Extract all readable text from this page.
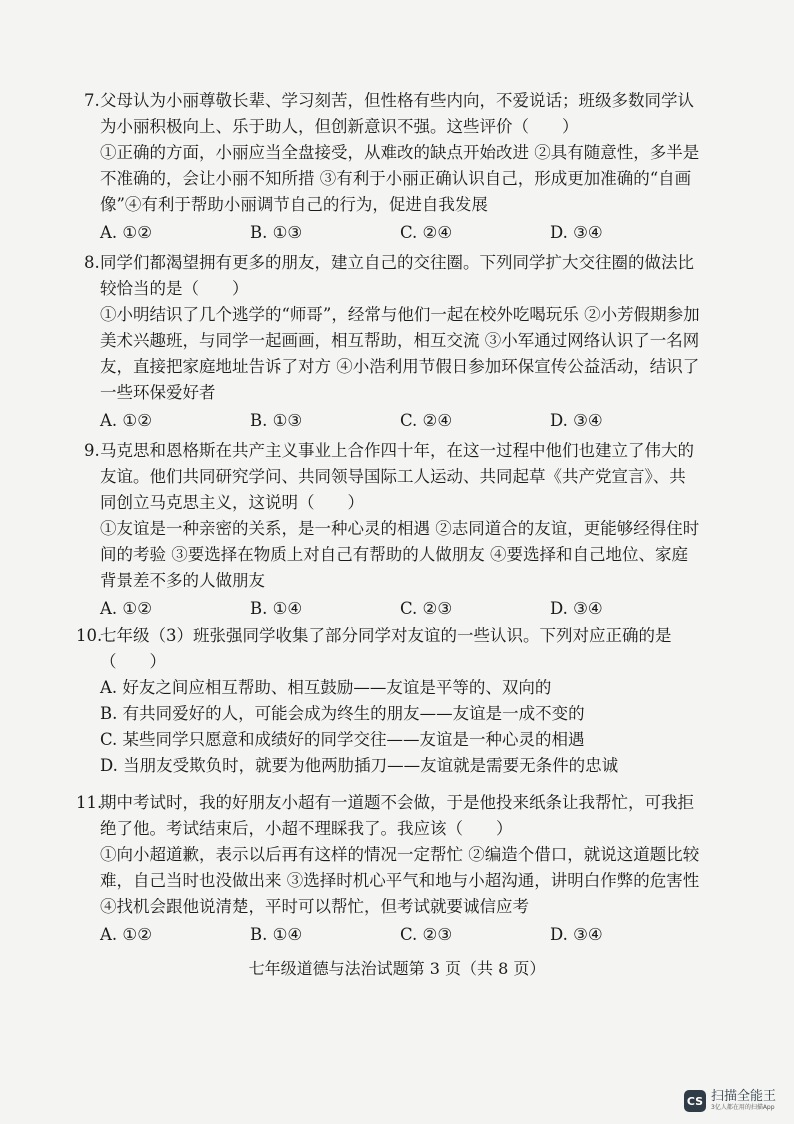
7. 父母认为小丽尊敬长辈、学习刻苦，但性格有些内向，不爱说话；班级多数同学认为小丽积极向上、乐于助人，但创新意识不强。这些评价（　　）

①正确的方面，小丽应当全盘接受，从难改的缺点开始改进 ②具有随意性，多半是不准确的，会让小丽不知所措 ③有利于小丽正确认识自己，形成更加准确的“自画像”④有利于帮助小丽调节自己的行为，促进自我发展

A. ①②	B. ①③	C. ②④	D. ③④
8. 同学们都渴望拥有更多的朋友，建立自己的交往圈。下列同学扩大交往圈的做法比较恰当的是（　　）

①小明结识了几个逃学的“师哥”，经常与他们一起在校外吃喝玩乐 ②小芳假期参加美术兴趣班，与同学一起画画，相互帮助，相互交流 ③小军通过网络认识了一名网友，直接把家庭地址告诉了对方 ④小浩利用节假日参加环保宣传公益活动，结识了一些环保爱好者

A. ①②	B. ①③	C. ②④	D. ③④
9. 马克思和恩格斯在共产主义事业上合作四十年，在这一过程中他们也建立了伟大的友谊。他们共同研究学问、共同领导国际工人运动、共同起草《共产党宣言》、共同创立马克思主义，这说明（　　）

①友谊是一种亲密的关系，是一种心灵的相遇 ②志同道合的友谊，更能够经得住时间的考验 ③要选择在物质上对自己有帮助的人做朋友 ④要选择和自己地位、家庭背景差不多的人做朋友

A. ①②	B. ①④	C. ②③	D. ③④
10.

七年级（3）班张强同学收集了部分同学对友谊的一些认识。下列对应正确的是（　　）

A. 好友之间应相互帮助、相互鼓励——友谊是平等的、双向的

B. 有共同爱好的人，可能会成为终生的朋友——友谊是一成不变的

C. 某些同学只愿意和成绩好的同学交往——友谊是一种心灵的相遇

D. 当朋友受欺负时，就要为他两肋插刀——友谊就是需要无条件的忠诚

11.

期中考试时，我的好朋友小超有一道题不会做，于是他投来纸条让我帮忙，可我拒绝了他。考试结束后，小超不理睬我了。我应该（　　）

①向小超道歉，表示以后再有这样的情况一定帮忙 ②编造个借口，就说这道题比较难，自己当时也没做出来 ③选择时机心平气和地与小超沟通，讲明白作弊的危害性 ④找机会跟他说清楚，平时可以帮忙，但考试就要诚信应考

A. ①②	B. ①④	C. ②③	D. ③④
七年级道德与法治试题第 3 页（共 8 页）
CS 扫描全能王
3亿人都在用的扫描App
